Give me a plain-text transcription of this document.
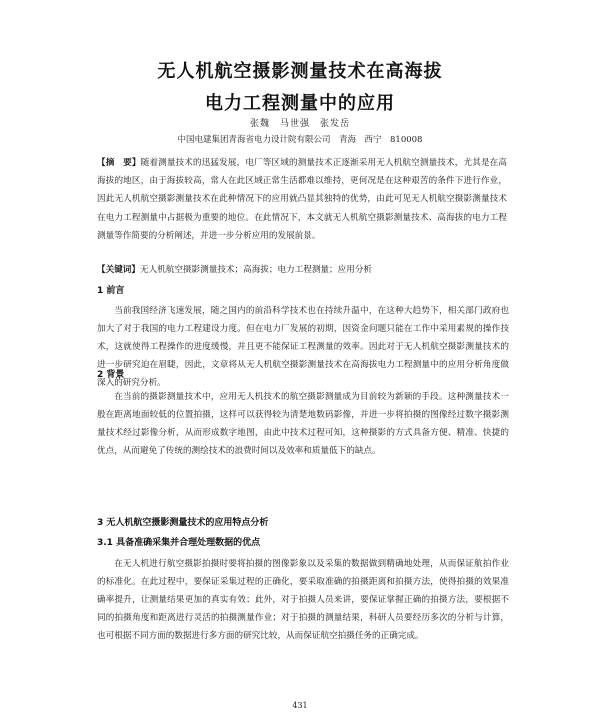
无人机航空摄影测量技术在高海拔
电力工程测量中的应用
张魏　马世强　张发岳
中国电建集团青海省电力设计院有限公司　青海　西宁　810008

【摘　要】随着测量技术的迅猛发展，电厂等区域的测量技术正逐渐采用无人机航空测量技术，尤其是在高海拔的地区，由于海拔较高，常人在此区域正常生活都难以维持，更何况是在这种艰苦的条件下进行作业，因此无人机航空摄影测量技术在此种情况下的应用就凸显其独特的优势，由此可见无人机航空摄影测量技术在电力工程测量中占据极为重要的地位。在此情况下，本文就无人机航空摄影测量技术、高海拔的电力工程测量等作简要的分析阐述，并进一步分析应用的发展前景。

【关键词】无人机航空摄影测量技术；高海拔；电力工程测量；应用分析

1 前言

当前我国经济飞速发展，随之国内的前沿科学技术也在持续升温中，在这种大趋势下，相关部门政府也加大了对于我国的电力工程建设力度。但在电力厂发展的初期，因资金问题只能在工作中采用素规的操作技术，这就使得工程操作的进度缓慢，并且更不能保证工程测量的效率。因此对于无人机航空摄影测量技术的进一步研究迫在眉睫，因此，文章将从无人机航空摄影测量技术在高海拔电力工程测量中的应用分析角度做深入的研究分析。

2 背景

在当前的摄影测量技术中，应用无人机技术的航空摄影测量成为目前较为新颖的手段。这种测量技术一般在距离地面较低的位置拍摄，这样可以获得较为清楚地数码影像，并进一步将拍摄的图像经过数字摄影测量技术经过影像分析，从而形成数字地图，由此中技术过程可知，这种摄影的方式具备方便、精准、快捷的优点，从而避免了传统的测绘技术的浪费时间以及效率和质量低下的缺点。

3 无人机航空摄影测量技术的应用特点分析
3.1 具备准确采集并合理处理数据的优点

在无人机进行航空摄影拍摄时要将拍摄的图像影象以及采集的数据做到精确地处理，从而保证航拍作业的标准化。在此过程中，要保证采集过程的正确化，要采取准确的拍摄距离和拍摄方法，使得拍摄的效果准确率提升，让测量结果更加的真实有效；此外，对于拍摄人员来讲，要保证掌握正确的拍摄方法，要根据不同的拍摄角度和距离进行灵活的拍摄测量作业；对于拍摄的测量结果，科研人员要经历多次的分析与计算，也可根据不同方面的数据进行多方面的研究比较，从而保证航空拍摄任务的正确完成。

431
